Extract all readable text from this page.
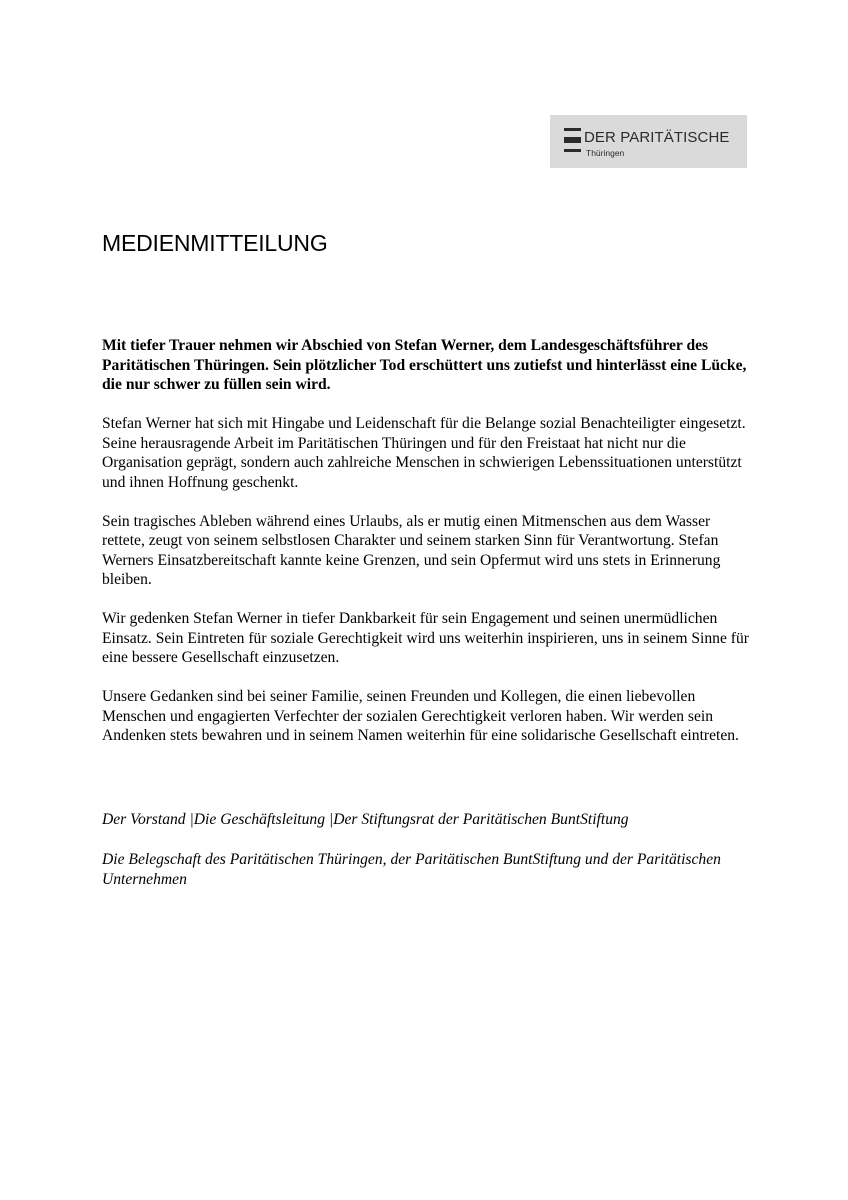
DER PARITÄTISCHE
Thüringen
MEDIENMITTEILUNG

Mit tiefer Trauer nehmen wir Abschied von Stefan Werner, dem Landesgeschäftsführer des Paritätischen Thüringen. Sein plötzlicher Tod erschüttert uns zutiefst und hinterlässt eine Lücke, die nur schwer zu füllen sein wird.

Stefan Werner hat sich mit Hingabe und Leidenschaft für die Belange sozial Benachteiligter eingesetzt. Seine herausragende Arbeit im Paritätischen Thüringen und für den Freistaat hat nicht nur die Organisation geprägt, sondern auch zahlreiche Menschen in schwierigen Lebenssituationen unterstützt und ihnen Hoffnung geschenkt.

Sein tragisches Ableben während eines Urlaubs, als er mutig einen Mitmenschen aus dem Wasser rettete, zeugt von seinem selbstlosen Charakter und seinem starken Sinn für Verantwortung. Stefan Werners Einsatzbereitschaft kannte keine Grenzen, und sein Opfermut wird uns stets in Erinnerung bleiben.

Wir gedenken Stefan Werner in tiefer Dankbarkeit für sein Engagement und seinen unermüdlichen Einsatz. Sein Eintreten für soziale Gerechtigkeit wird uns weiterhin inspirieren, uns in seinem Sinne für eine bessere Gesellschaft einzusetzen.

Unsere Gedanken sind bei seiner Familie, seinen Freunden und Kollegen, die einen liebevollen Menschen und engagierten Verfechter der sozialen Gerechtigkeit verloren haben. Wir werden sein Andenken stets bewahren und in seinem Namen weiterhin für eine solidarische Gesellschaft eintreten.

Der Vorstand |Die Geschäftsleitung |Der Stiftungsrat der Paritätischen BuntStiftung

Die Belegschaft des Paritätischen Thüringen, der Paritätischen BuntStiftung und der Paritätischen Unternehmen
